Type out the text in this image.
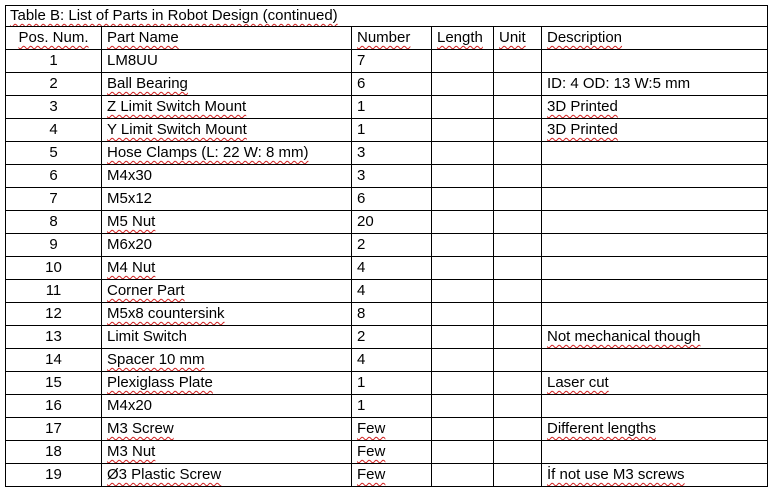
Table B: List of Parts in Robot Design (continued)					
Pos. Num.	Part Name	Number	Length	Unit	Description
1	LM8UU	7			
2	Ball Bearing	6			ID: 4 OD: 13 W:5 mm
3	Z Limit Switch Mount	1			3D Printed
4	Y Limit Switch Mount	1			3D Printed
5	Hose Clamps (L: 22 W: 8 mm)	3			
6	M4x30	3			
7	M5x12	6			
8	M5 Nut	20			
9	M6x20	2			
10	M4 Nut	4			
11	Corner Part	4			
12	M5x8 countersink	8			
13	Limit Switch	2			Not mechanical though
14	Spacer 10 mm	4			
15	Plexiglass Plate	1			Laser cut
16	M4x20	1			
17	M3 Screw	Few			Different lengths
18	M3 Nut	Few			
19	Ø3 Plastic Screw	Few			İf not use M3 screws
